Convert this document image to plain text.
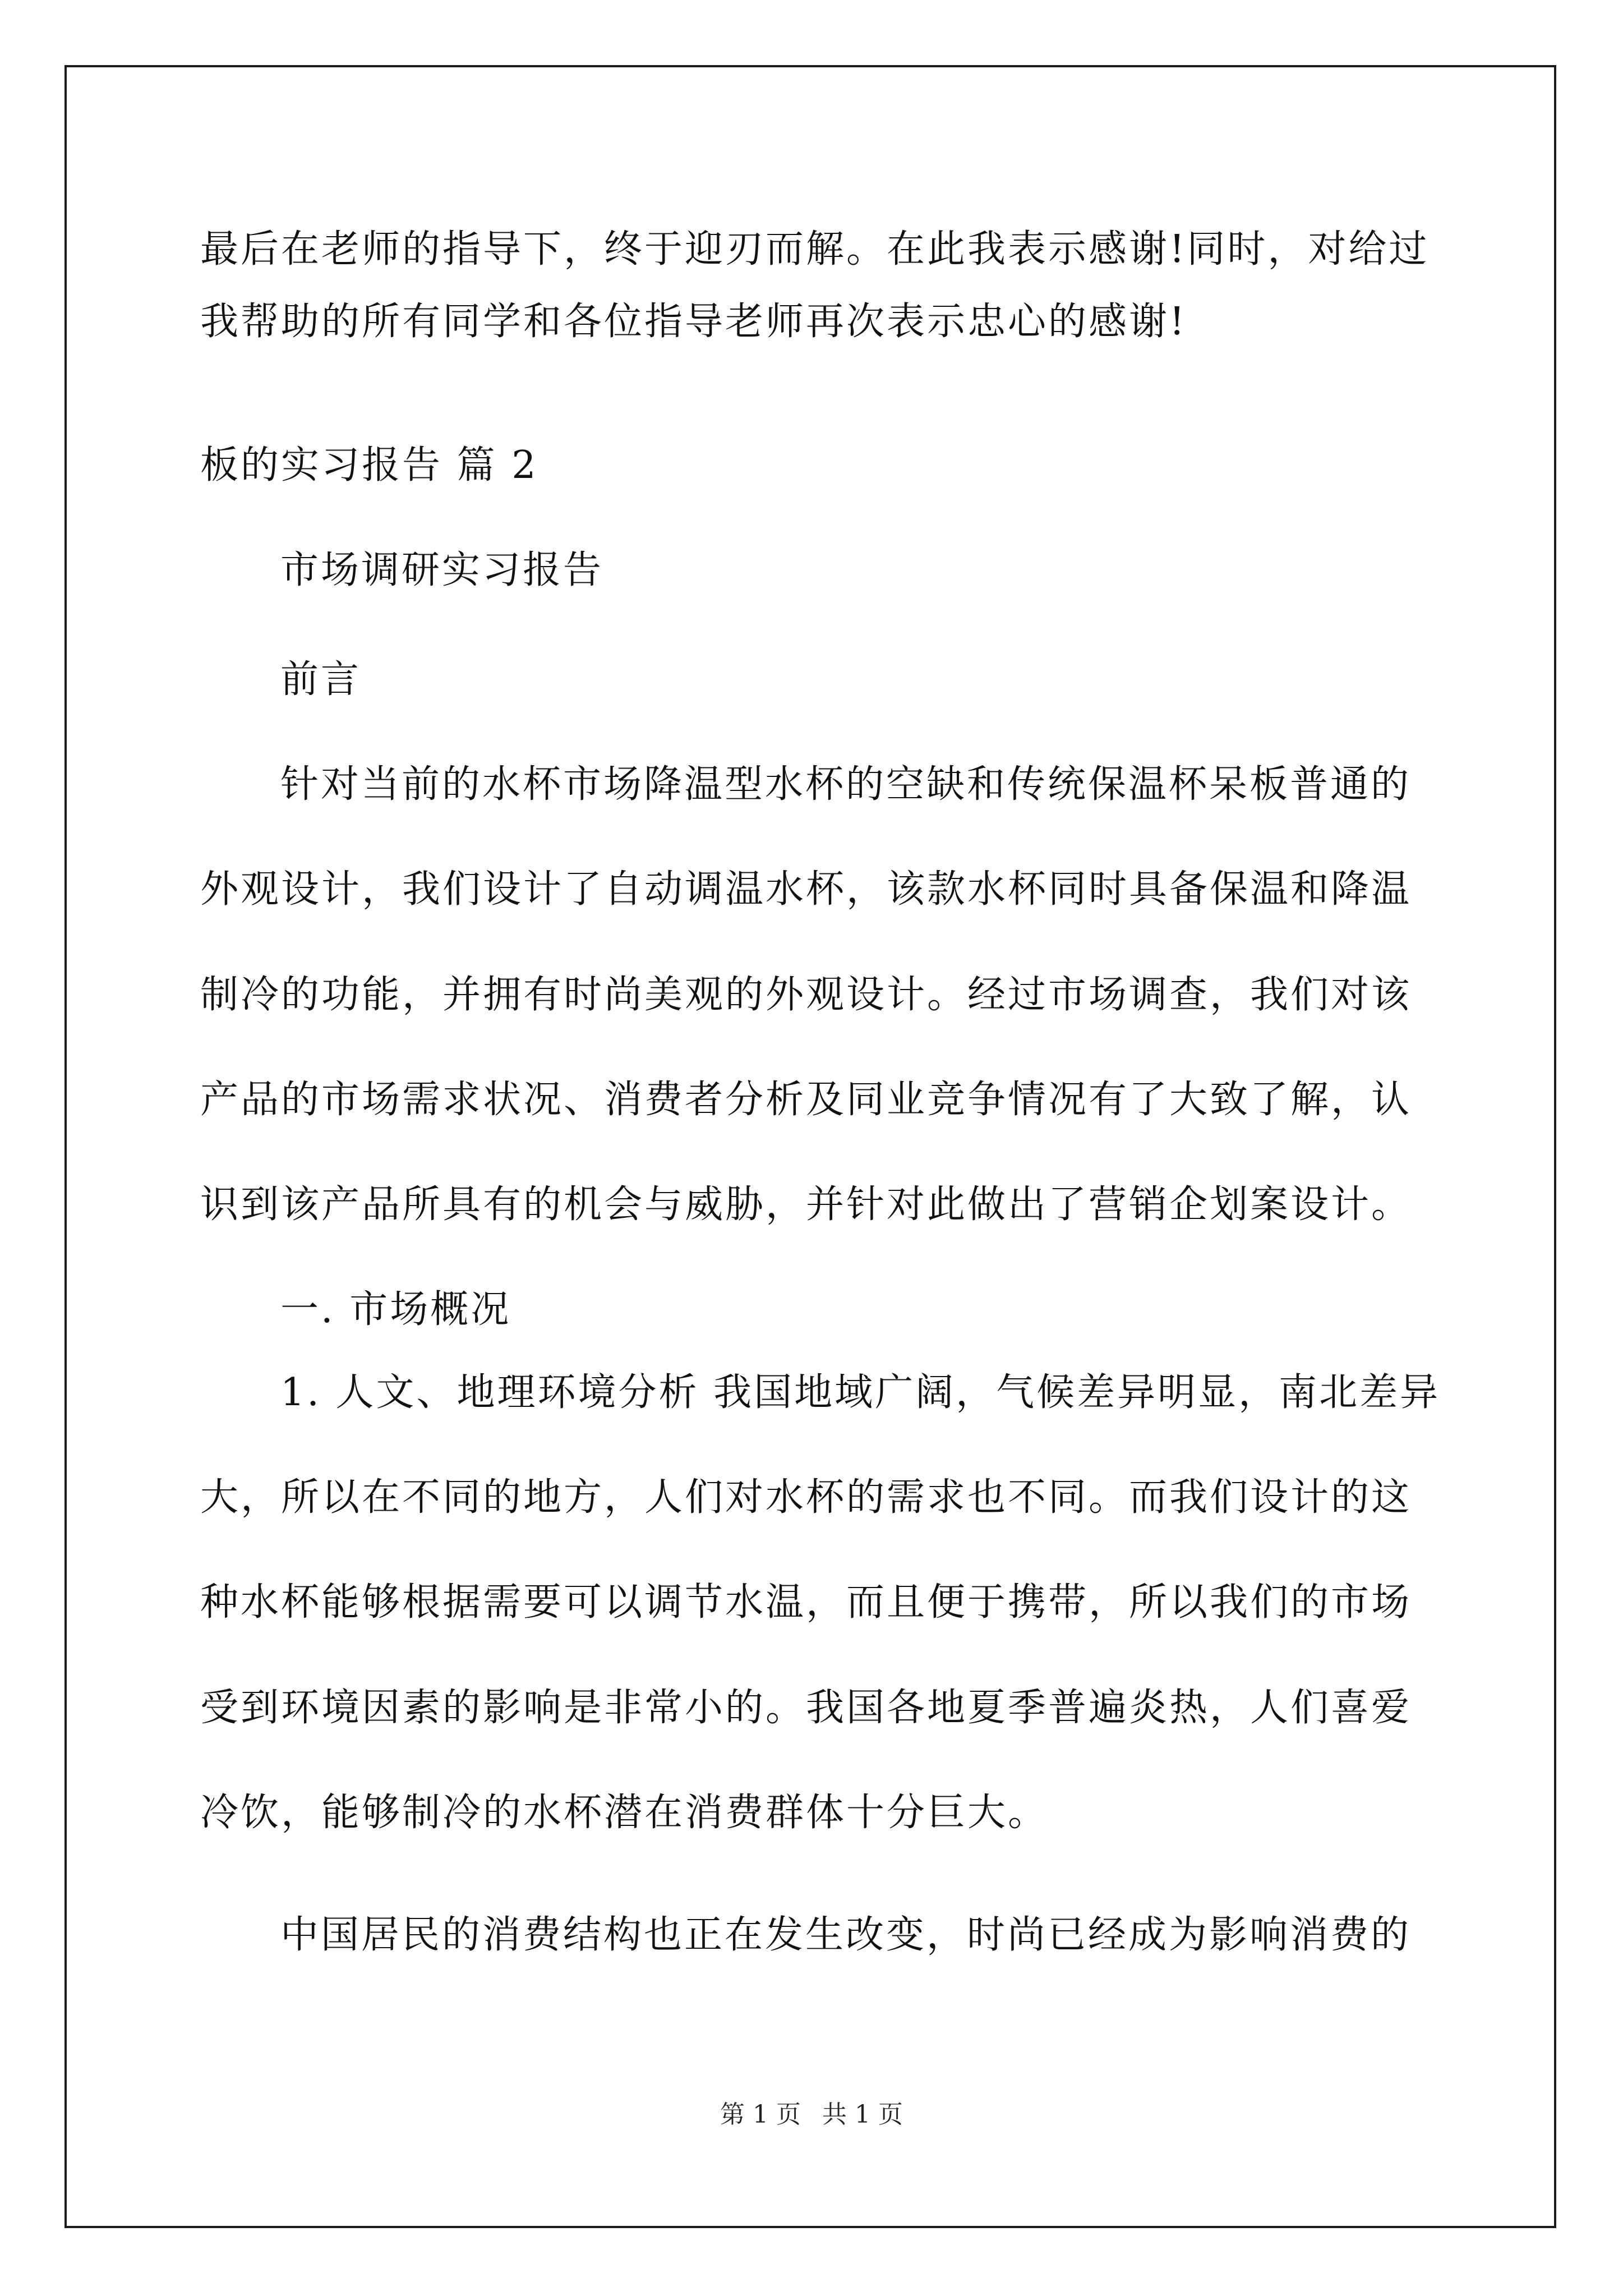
最后在老师的指导下，终于迎刃而解。在此我表示感谢!同时，对给过
我帮助的所有同学和各位指导老师再次表示忠心的感谢!
板的实习报告 篇 2
市场调研实习报告
前言
针对当前的水杯市场降温型水杯的空缺和传统保温杯呆板普通的
外观设计，我们设计了自动调温水杯，该款水杯同时具备保温和降温
制冷的功能，并拥有时尚美观的外观设计。经过市场调查，我们对该
产品的市场需求状况、消费者分析及同业竞争情况有了大致了解，认
识到该产品所具有的机会与威胁，并针对此做出了营销企划案设计。
一. 市场概况
1. 人文、地理环境分析 我国地域广阔，气候差异明显，南北差异
大，所以在不同的地方，人们对水杯的需求也不同。而我们设计的这
种水杯能够根据需要可以调节水温，而且便于携带，所以我们的市场
受到环境因素的影响是非常小的。我国各地夏季普遍炎热，人们喜爱
冷饮，能够制冷的水杯潜在消费群体十分巨大。
中国居民的消费结构也正在发生改变，时尚已经成为影响消费的
第 1 页 共 1 页
